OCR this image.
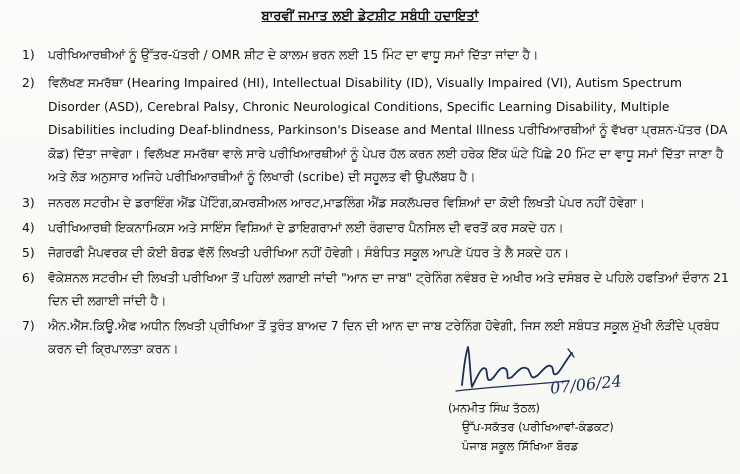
ਬਾਰਵੀਂ ਜਮਾਤ ਲਈ ਡੇਟਸ਼ੀਟ ਸਬੰਧੀ ਹਦਾਇਤਾਂ
1)	ਪਰੀਖਿਆਰਥੀਆਂ ਨੂੰ ਉੱਤਰ-ਪੱਤਰੀ / OMR ਸ਼ੀਟ ਦੇ ਕਾਲਮ ਭਰਨ ਲਈ 15 ਮਿੰਟ ਦਾ ਵਾਧੂ ਸਮਾਂ ਦਿੱਤਾ ਜਾਂਦਾ ਹੈ।
2)	ਵਿਲੱਖਣ ਸਮਰੱਥਾ (Hearing Impaired (HI), Intellectual Disability (ID), Visually Impaired (VI), Autism Spectrum Disorder (ASD), Cerebral Palsy, Chronic Neurological Conditions, Specific Learning Disability, Multiple Disabilities including Deaf-blindness, Parkinson's Disease and Mental Illness ਪਰੀਖਿਆਰਥੀਆਂ ਨੂੰ ਵੱਖਰਾ ਪ੍ਰਸ਼ਨ-ਪੱਤਰ (DA ਕੋਡ) ਦਿੱਤਾ ਜਾਵੇਗਾ। ਵਿਲੱਖਣ ਸਮਰੱਥਾ ਵਾਲੇ ਸਾਰੇ ਪਰੀਖਿਆਰਥੀਆਂ ਨੂੰ ਪੇਪਰ ਹੱਲ ਕਰਨ ਲਈ ਹਰੇਕ ਇੱਕ ਘੰਟੇ ਪਿੱਛੇ 20 ਮਿੰਟ ਦਾ ਵਾਧੂ ਸਮਾਂ ਦਿੱਤਾ ਜਾਣਾ ਹੈ ਅਤੇ ਲੋੜ ਅਨੁਸਾਰ ਅਜਿਹੇ ਪਰੀਖਿਆਰਥੀਆਂ ਨੂੰ ਲਿਖਾਰੀ (scribe) ਦੀ ਸਹੂਲਤ ਵੀ ਉਪਲੱਬਧ ਹੈ।
3)	ਜਨਰਲ ਸਟਰੀਮ ਦੇ ਡਰਾਇੰਗ ਐਂਡ ਪੇਂਟਿੰਗ,ਕਮਰਸ਼ੀਅਲ ਆਰਟ,ਮਾਡਲਿੰਗ ਐਂਡ ਸਕਲੱਪਚਰ ਵਿਸ਼ਿਆਂ ਦਾ ਕੋਈ ਲਿਖਤੀ ਪੇਪਰ ਨਹੀਂ ਹੋਵੇਗਾ।
4)	ਪਰੀਖਿਆਰਥੀ ਇਕਨਾਮਿਕਸ ਅਤੇ ਸਾਇੰਸ ਵਿਸ਼ਿਆਂ ਦੇ ਡਾਇਗਰਾਮਾਂ ਲਈ ਰੰਗਦਾਰ ਪੈਨਸਿਲ ਦੀ ਵਰਤੋਂ ਕਰ ਸਕਦੇ ਹਨ।
5)	ਜੋਗਰਫੀ ਮੈਪਵਰਕ ਦੀ ਕੋਈ ਬੋਰਡ ਵੱਲੋਂ ਲਿਖਤੀ ਪਰੀਖਿਆ ਨਹੀਂ ਹੋਵੇਗੀ। ਸੰਬੰਧਿਤ ਸਕੂਲ ਆਪਣੇ ਪੱਧਰ ਤੇ ਲੈ ਸਕਦੇ ਹਨ।
6)	ਵੋਕੇਸ਼ਨਲ ਸਟਰੀਮ ਦੀ ਲਿਖਤੀ ਪਰੀਖਿਆ ਤੋਂ ਪਹਿਲਾਂ ਲਗਾਈ ਜਾਂਦੀ "ਆਨ ਦਾ ਜਾਬ" ਟ੍ਰੇਨਿੰਗ ਨਵੰਬਰ ਦੇ ਅਖੀਰ ਅਤੇ ਦਸੰਬਰ ਦੇ ਪਹਿਲੇ ਹਫਤਿਆਂ ਦੌਰਾਨ 21 ਦਿਨ ਦੀ ਲਗਾਈ ਜਾਂਦੀ ਹੈ।
7)	ਐਨ.ਐੱਸ.ਕਿਊ.ਐਫ ਅਧੀਨ ਲਿਖਤੀ ਪ੍ਰੀਖਿਆ ਤੋਂ ਤੁਰੰਤ ਬਾਅਦ 7 ਦਿਨ ਦੀ ਆਨ ਦਾ ਜਾਬ ਟਰੇਨਿੰਗ ਹੋਵੇਗੀ, ਜਿਸ ਲਈ ਸਬੰਧਤ ਸਕੂਲ ਮੁੱਖੀ ਲੋੜੀਂਦੇ ਪ੍ਰਬੰਧ ਕਰਨ ਦੀ ਕ੍ਰਿਪਾਲਤਾ ਕਰਨ।
07/06/24
(ਮਨਮੀਤ ਸਿੰਘ ਤੱਠਲ)
ਉੱਪ-ਸਕੱਤਰ (ਪਰੀਖਿਆਵਾਂ-ਕੰਡਕਟ)
ਪੰਜਾਬ ਸਕੂਲ ਸਿੱਖਿਆ ਬੋਰਡ
